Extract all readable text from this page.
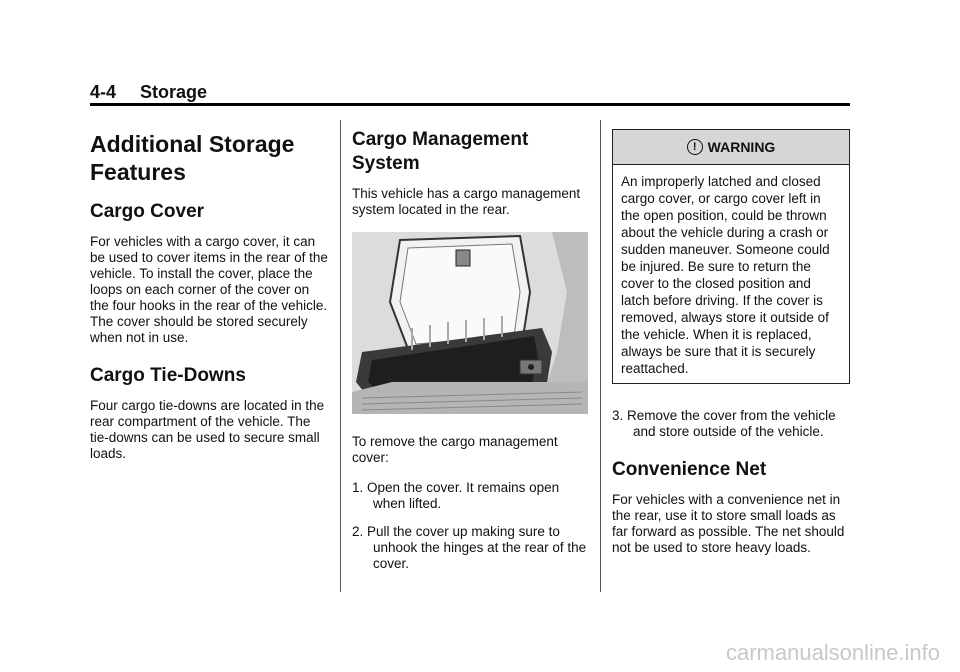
4-4 Storage
Additional Storage Features
Cargo Cover

For vehicles with a cargo cover, it can be used to cover items in the rear of the vehicle. To install the cover, place the loops on each corner of the cover on the four hooks in the rear of the vehicle. The cover should be stored securely when not in use.

Cargo Tie-Downs

Four cargo tie-downs are located in the rear compartment of the vehicle. The tie-downs can be used to secure small loads.

Cargo Management System

This vehicle has a cargo management system located in the rear.

To remove the cargo management cover:

1. Open the cover. It remains open when lifted.
2. Pull the cover up making sure to unhook the hinges at the rear of the cover.
! WARNING
An improperly latched and closed cargo cover, or cargo cover left in the open position, could be thrown about the vehicle during a crash or sudden maneuver. Someone could be injured. Be sure to return the cover to the closed position and latch before driving. If the cover is removed, always store it outside of the vehicle. When it is replaced, always be sure that it is securely reattached.
3. Remove the cover from the vehicle and store outside of the vehicle.
Convenience Net

For vehicles with a convenience net in the rear, use it to store small loads as far forward as possible. The net should not be used to store heavy loads.

carmanualsonline.info
